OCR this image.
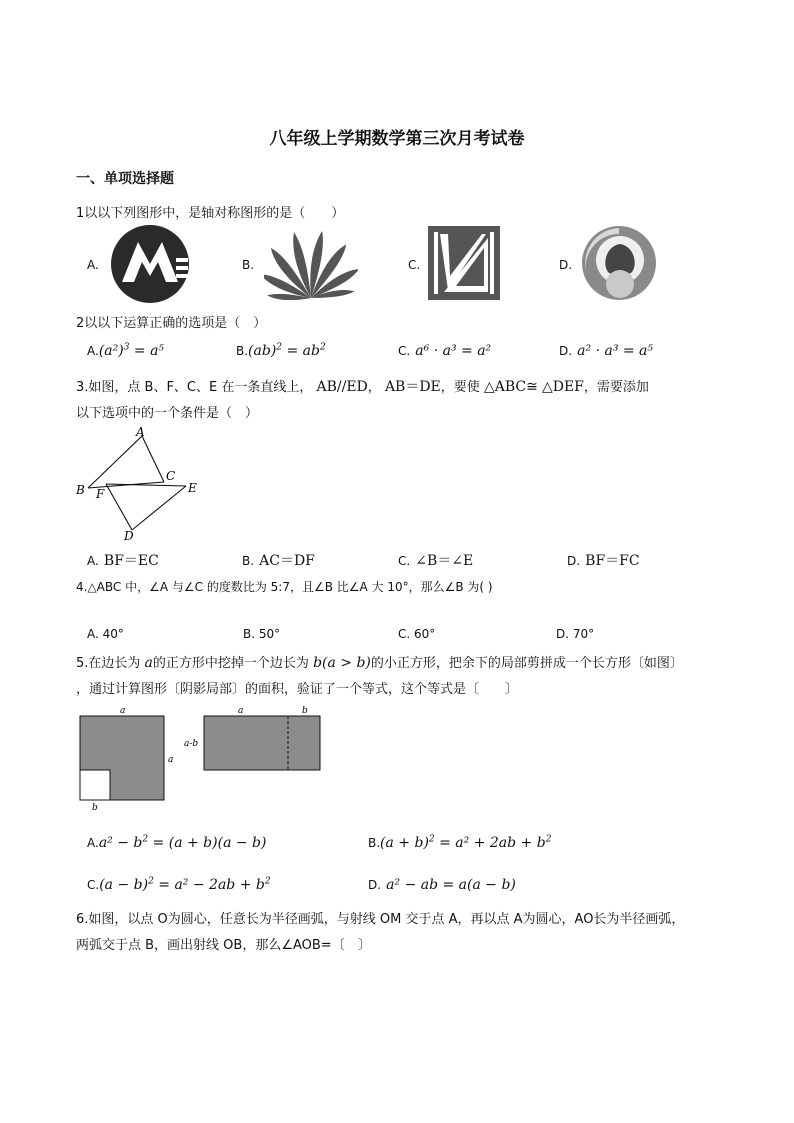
八年级上学期数学第三次月考试卷
一、单项选择题
1以以下列图形中，是轴对称图形的是（　　）
A.	B.	C.	D.
2以以下运算正确的选项是（　）
$A.(a^2)^3 = a^5$	$B.(ab)^2 = ab^2$	C. a⁶ · a³ = a²	D. a² · a³ = a⁵
3.如图，点 B、F、C、E 在一条直线上， AB//ED， AB＝DE，要使 △ABC≅ △DEF，需要添加
以下选项中的一个条件是（　）
A
B
C
D
E
F
A. BF＝EC	B. AC＝DF	C. ∠B＝∠E	D. BF＝FC
4.△ABC 中，∠A 与∠C 的度数比为 5:7，且∠B 比∠A 大 10°，那么∠B 为( )
A. 40°	B. 50°	C. 60°	D. 70°
5.在边长为 a的正方形中挖掉一个边长为 b(a > b)的小正方形，把余下的局部剪拼成一个长方形〔如图〕
，通过计算图形〔阴影局部〕的面积，验证了一个等式，这个等式是〔　　〕
a
a
b
a	b
a-b
$A.a^2 - b^2 = (a + b)(a - b)$	$B.(a + b)^2 = a^2 + 2ab + b^2$
$C.(a - b)^2 = a^2 - 2ab + b^2$	D. a² − ab = a(a − b)
6.如图，以点 O为圆心，任意长为半径画弧，与射线 OM 交于点 A，再以点 A为圆心，AO长为半径画弧，
两弧交于点 B，画出射线 OB，那么∠AOB=〔　〕
